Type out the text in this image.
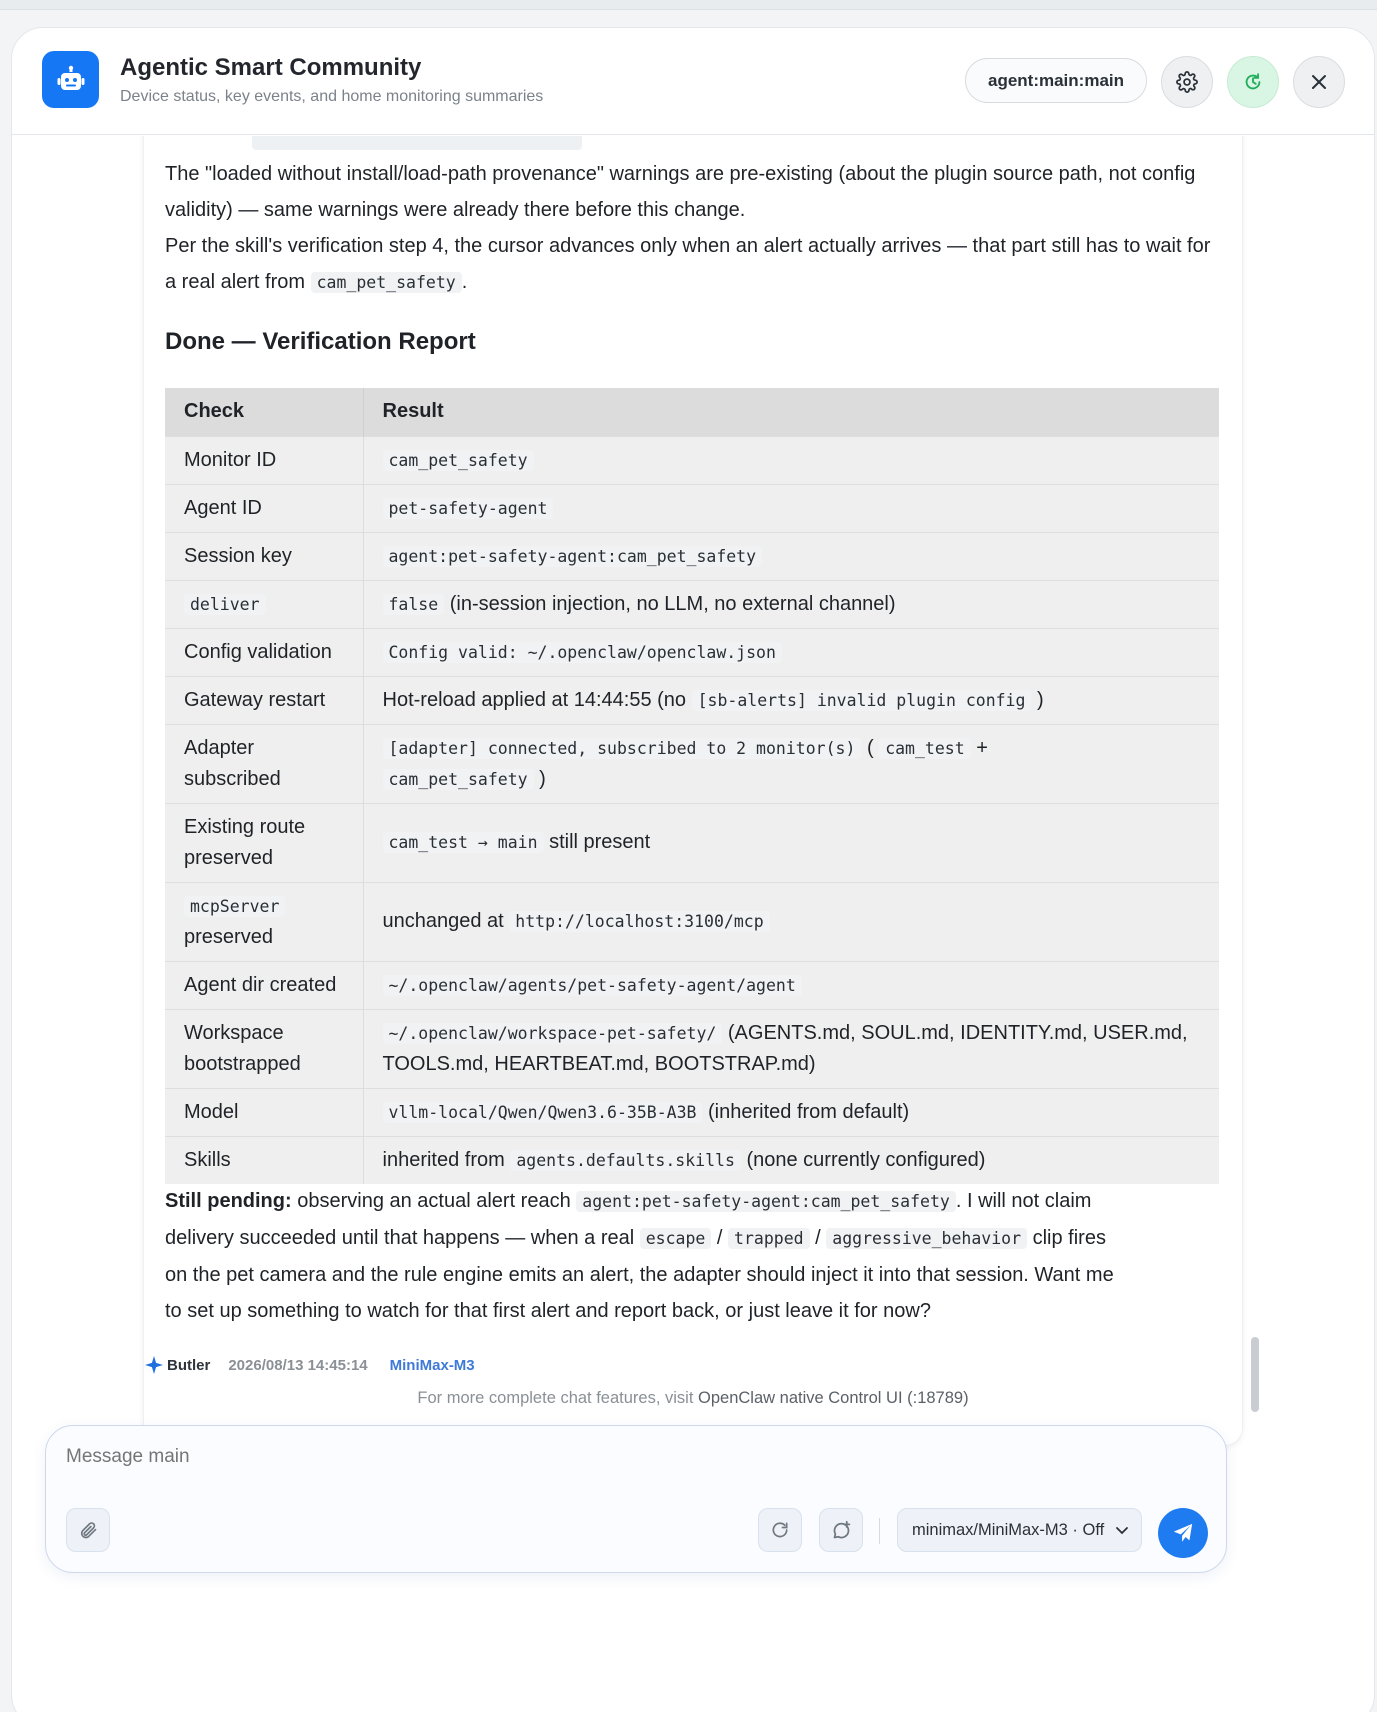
Agentic Smart Community
Device status, key events, and home monitoring summaries
agent:main:main
The "loaded without install/load-path provenance" warnings are pre-existing (about the plugin source path, not config validity) — same warnings were already there before this change.
Per the skill's verification step 4, the cursor advances only when an alert actually arrives — that part still has to wait for a real alert from cam_pet_safety .
Done — Verification Report
Check	Result
Monitor ID	cam_pet_safety
Agent ID	pet-safety-agent
Session key	agent:pet-safety-agent:cam_pet_safety
deliver	false (in-session injection, no LLM, no external channel)
Config validation	Config valid: ~/.openclaw/openclaw.json
Gateway restart	Hot-reload applied at 14:44:55 (no [sb-alerts] invalid plugin config )
Adapter subscribed	[adapter] connected, subscribed to 2 monitor(s) ( cam_test +
cam_pet_safety )
Existing route preserved	cam_test → main still present
mcpServer
preserved	unchanged at http://localhost:3100/mcp
Agent dir created	~/.openclaw/agents/pet-safety-agent/agent
Workspace bootstrapped	~/.openclaw/workspace-pet-safety/ (AGENTS.md, SOUL.md, IDENTITY.md, USER.md, TOOLS.md, HEARTBEAT.md, BOOTSTRAP.md)
Model	vllm-local/Qwen/Qwen3.6-35B-A3B (inherited from default)
Skills	inherited from agents.defaults.skills (none currently configured)
Still pending: observing an actual alert reach agent:pet-safety-agent:cam_pet_safety . I will not claim delivery succeeded until that happens — when a real escape / trapped / aggressive_behavior clip fires on the pet camera and the rule engine emits an alert, the adapter should inject it into that session. Want me to set up something to watch for that first alert and report back, or just leave it for now?
Butler 2026/08/13 14:45:14 MiniMax-M3
For more complete chat features, visit OpenClaw native Control UI (:18789)
Message main
minimax/MiniMax-M3 · Off
